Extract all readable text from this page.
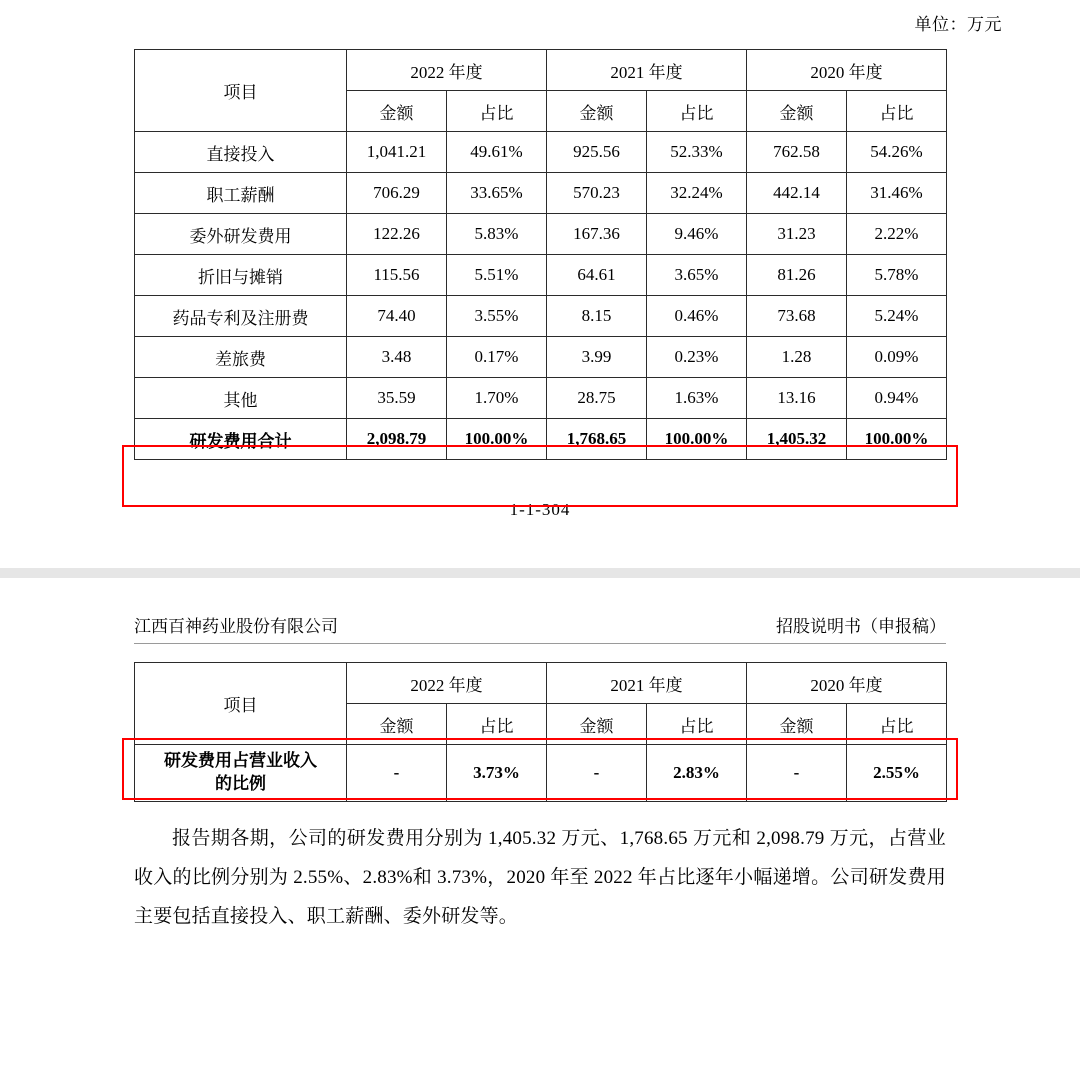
单位：万元
项目	2022 年度		2021 年度		2020 年度	
	金额	占比	金额	占比	金额	占比
直接投入	1,041.21	49.61%	925.56	52.33%	762.58	54.26%
职工薪酬	706.29	33.65%	570.23	32.24%	442.14	31.46%
委外研发费用	122.26	5.83%	167.36	9.46%	31.23	2.22%
折旧与摊销	115.56	5.51%	64.61	3.65%	81.26	5.78%
药品专利及注册费	74.40	3.55%	8.15	0.46%	73.68	5.24%
差旅费	3.48	0.17%	3.99	0.23%	1.28	0.09%
其他	35.59	1.70%	28.75	1.63%	13.16	0.94%
研发费用合计	2,098.79	100.00%	1,768.65	100.00%	1,405.32	100.00%
1-1-304
江西百神药业股份有限公司	招股说明书（申报稿）
项目	2022 年度		2021 年度		2020 年度	
	金额	占比	金额	占比	金额	占比

研发费用占营业收入
的比例	-	3.73%	-	2.83%	-	2.55%
报告期各期，公司的研发费用分别为 1,405.32 万元、1,768.65 万元和 2,098.79 万元，占营业收入的比例分别为 2.55%、2.83%和 3.73%，2020 年至 2022 年占比逐年小幅递增。公司研发费用主要包括直接投入、职工薪酬、委外研发等。
